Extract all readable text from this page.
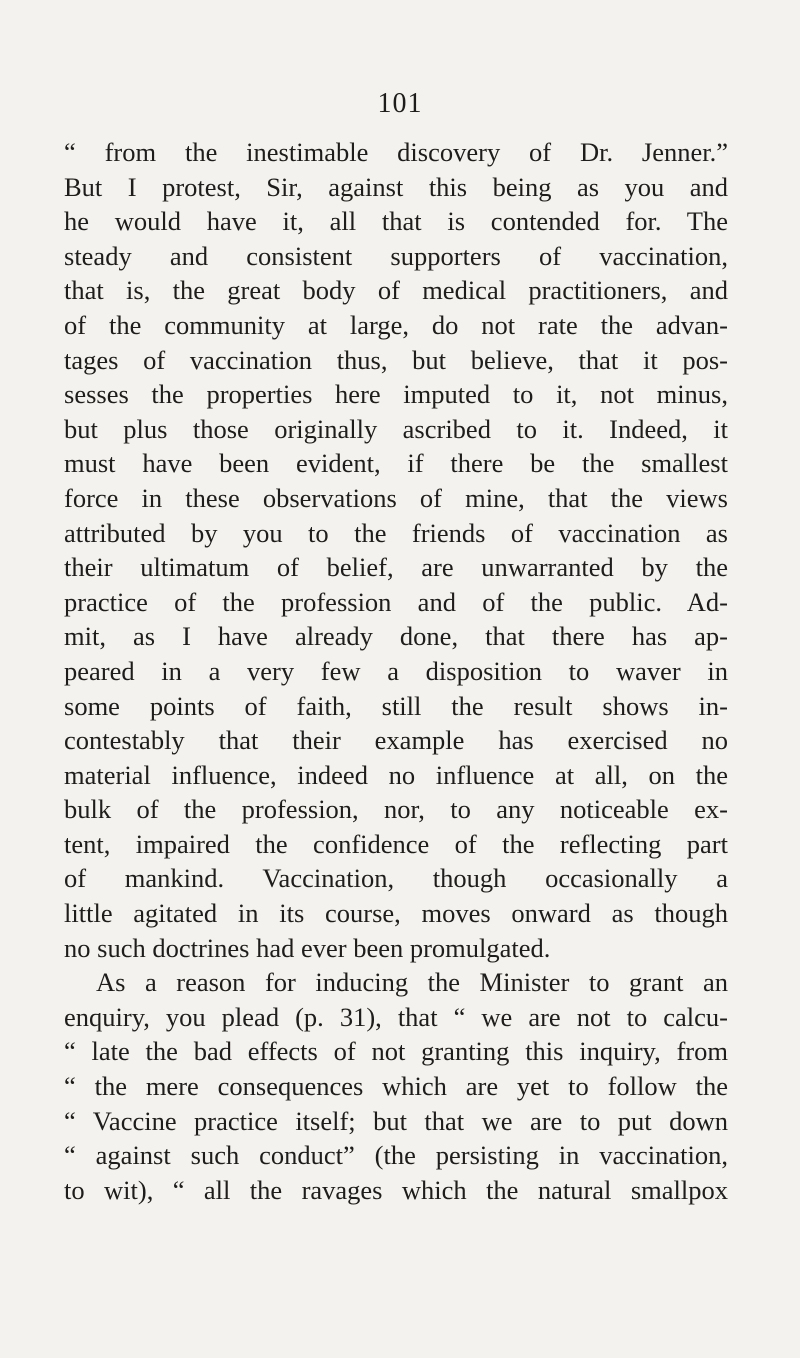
101
“ from the inestimable discovery of Dr. Jenner.”
But I protest, Sir, against this being as you and
he would have it, all that is contended for. The
steady and consistent supporters of vaccination,
that is, the great body of medical practitioners, and
of the community at large, do not rate the advan-
tages of vaccination thus, but believe, that it pos-
sesses the properties here imputed to it, not minus,
but plus those originally ascribed to it. Indeed, it
must have been evident, if there be the smallest
force in these observations of mine, that the views
attributed by you to the friends of vaccination as
their ultimatum of belief, are unwarranted by the
practice of the profession and of the public. Ad-
mit, as I have already done, that there has ap-
peared in a very few a disposition to waver in
some points of faith, still the result shows in-
contestably that their example has exercised no
material influence, indeed no influence at all, on the
bulk of the profession, nor, to any noticeable ex-
tent, impaired the confidence of the reflecting part
of mankind. Vaccination, though occasionally a
little agitated in its course, moves onward as though
no such doctrines had ever been promulgated.
As a reason for inducing the Minister to grant an
enquiry, you plead (p. 31), that “ we are not to calcu-
“ late the bad effects of not granting this inquiry, from
“ the mere consequences which are yet to follow the
“ Vaccine practice itself; but that we are to put down
“ against such conduct” (the persisting in vaccination,
to wit), “ all the ravages which the natural smallpox
